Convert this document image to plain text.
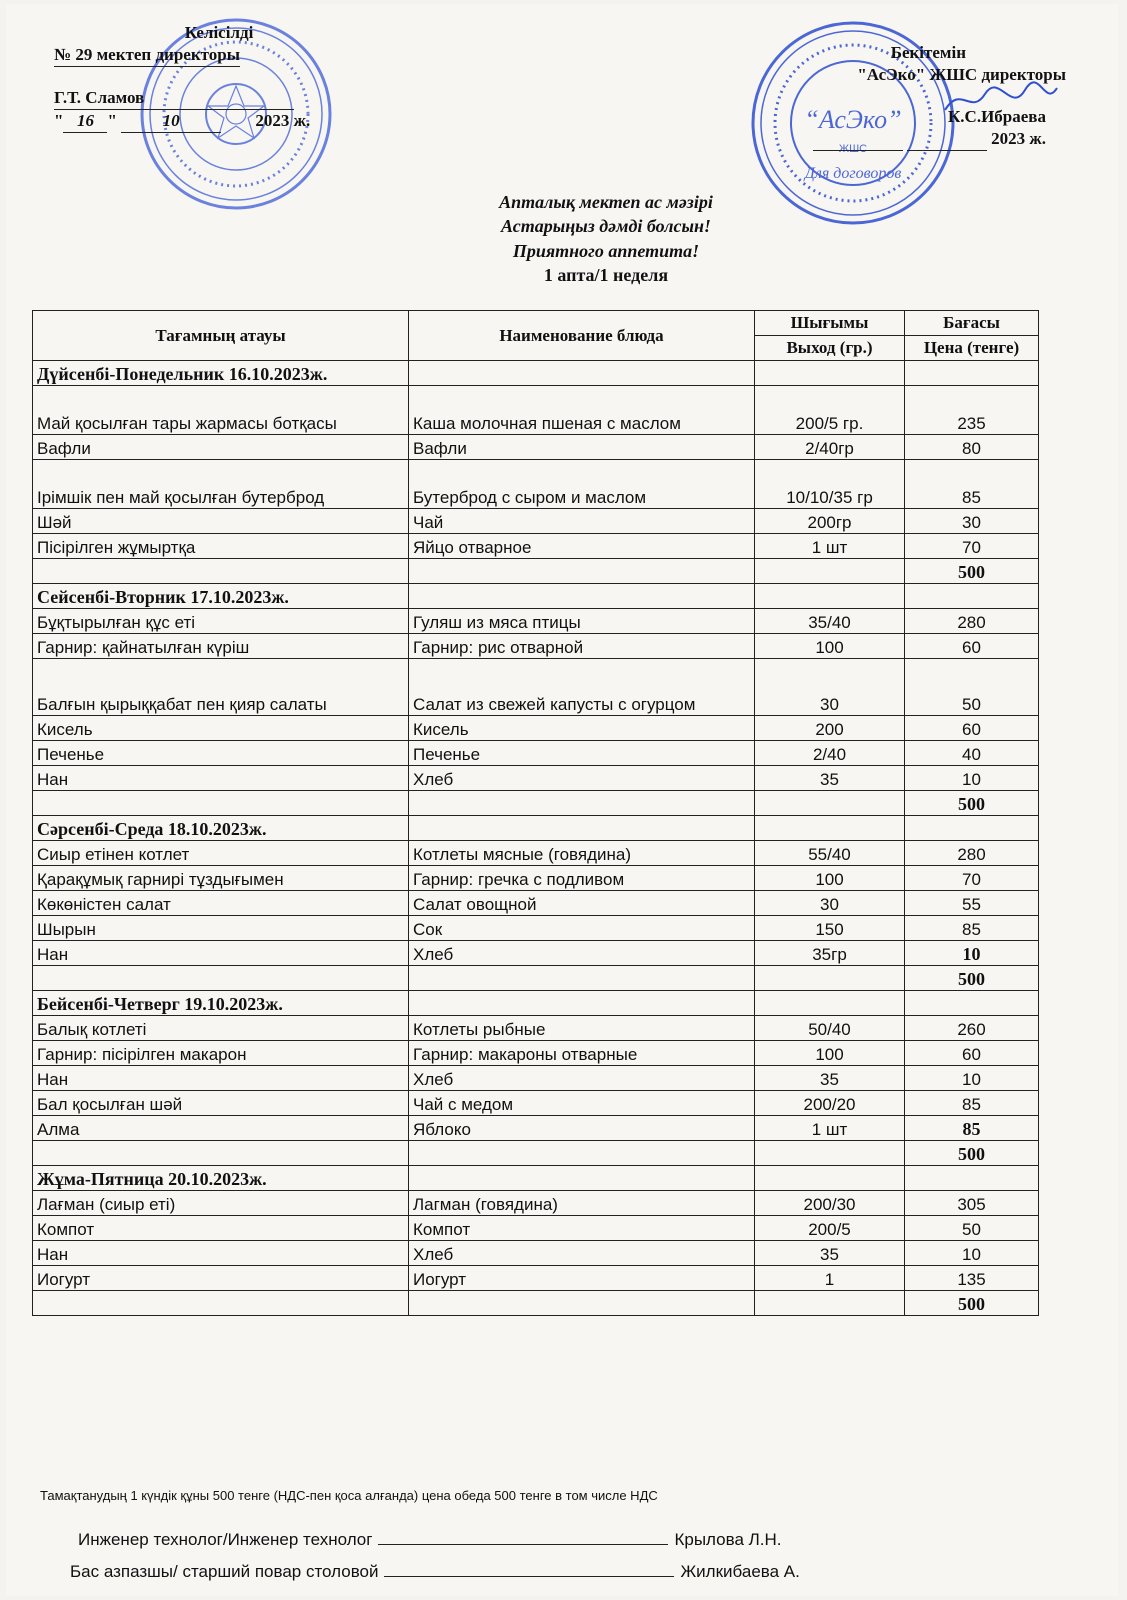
“АсЭко”
ЖШС
Для договоров
Келісілді
№ 29 мектеп директоры
Г.Т. Сламов
" 16 " 10	2023 ж.
Бекітемін
"АсЭко" ЖШС директоры
К.С.Ибраева
2023 ж.
Апталық мектеп ас мәзірі
Астарыңыз дәмді болсын!
Приятного аппетита!
1 апта/1 неделя
Тағамның атауы	Наименование блюда	Шығымы	Бағасы
		Выход (гр.)	Цена (тенге)
Дүйсенбі-Понедельник 16.10.2023ж.			
Май қосылған тары жармасы ботқасы	Каша молочная пшеная с маслом	200/5 гр.	235
Вафли	Вафли	2/40гр	80
Ірімшік пен май қосылған бутерброд	Бутерброд с сыром и маслом	10/10/35 гр	85
Шәй	Чай	200гр	30
Пісірілген жұмыртқа	Яйцо отварное	1 шт	70
			500
Сейсенбі-Вторник 17.10.2023ж.			
Бұқтырылған құс еті	Гуляш из мяса птицы	35/40	280
Гарнир: қайнатылған күріш	Гарнир: рис отварной	100	60
Балғын қырыққабат пен қияр салаты	Салат из свежей капусты с огурцом	30	50
Кисель	Кисель	200	60
Печенье	Печенье	2/40	40
Нан	Хлеб	35	10
			500
Сәрсенбі-Среда 18.10.2023ж.			
Сиыр етінен котлет	Котлеты мясные (говядина)	55/40	280
Қарақұмық гарнирі тұздығымен	Гарнир: гречка с подливом	100	70
Көкөністен салат	Салат овощной	30	55
Шырын	Сок	150	85
Нан	Хлеб	35гр	10
			500
Бейсенбі-Четверг 19.10.2023ж.			
Балық котлеті	Котлеты рыбные	50/40	260
Гарнир: пісірілген макарон	Гарнир: макароны отварные	100	60
Нан	Хлеб	35	10
Бал қосылған шәй	Чай с медом	200/20	85
Алма	Яблоко	1 шт	85
			500
Жұма-Пятница 20.10.2023ж.			
Лағман (сиыр еті)	Лагман (говядина)	200/30	305
Компот	Компот	200/5	50
Нан	Хлеб	35	10
Иогурт	Иогурт	1	135
			500
Тамақтанудың 1 күндік құны 500 тенге (НДС-пен қоса алғанда) цена обеда 500 тенге в том числе НДС
Инженер технолог/Инженер технолог	Крылова Л.Н.
Бас азпазшы/ старший повар столовой	Жилкибаева А.
